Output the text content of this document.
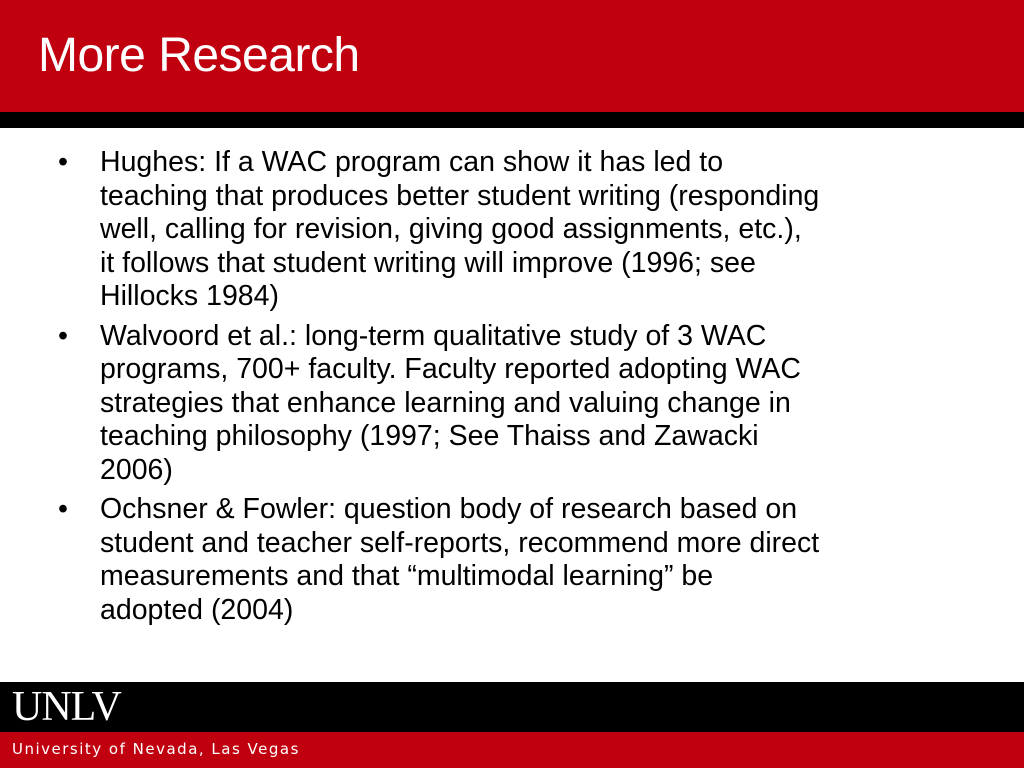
More Research
• Hughes: If a WAC program can show it has led to
teaching that produces better student writing (responding
well, calling for revision, giving good assignments, etc.),
it follows that student writing will improve (1996; see
Hillocks 1984)
• Walvoord et al.: long-term qualitative study of 3 WAC
programs, 700+ faculty. Faculty reported adopting WAC
strategies that enhance learning and valuing change in
teaching philosophy (1997; See Thaiss and Zawacki
2006)
• Ochsner & Fowler: question body of research based on
student and teacher self-reports, recommend more direct
measurements and that “multimodal learning” be
adopted (2004)
UNLV
University of Nevada, Las Vegas
